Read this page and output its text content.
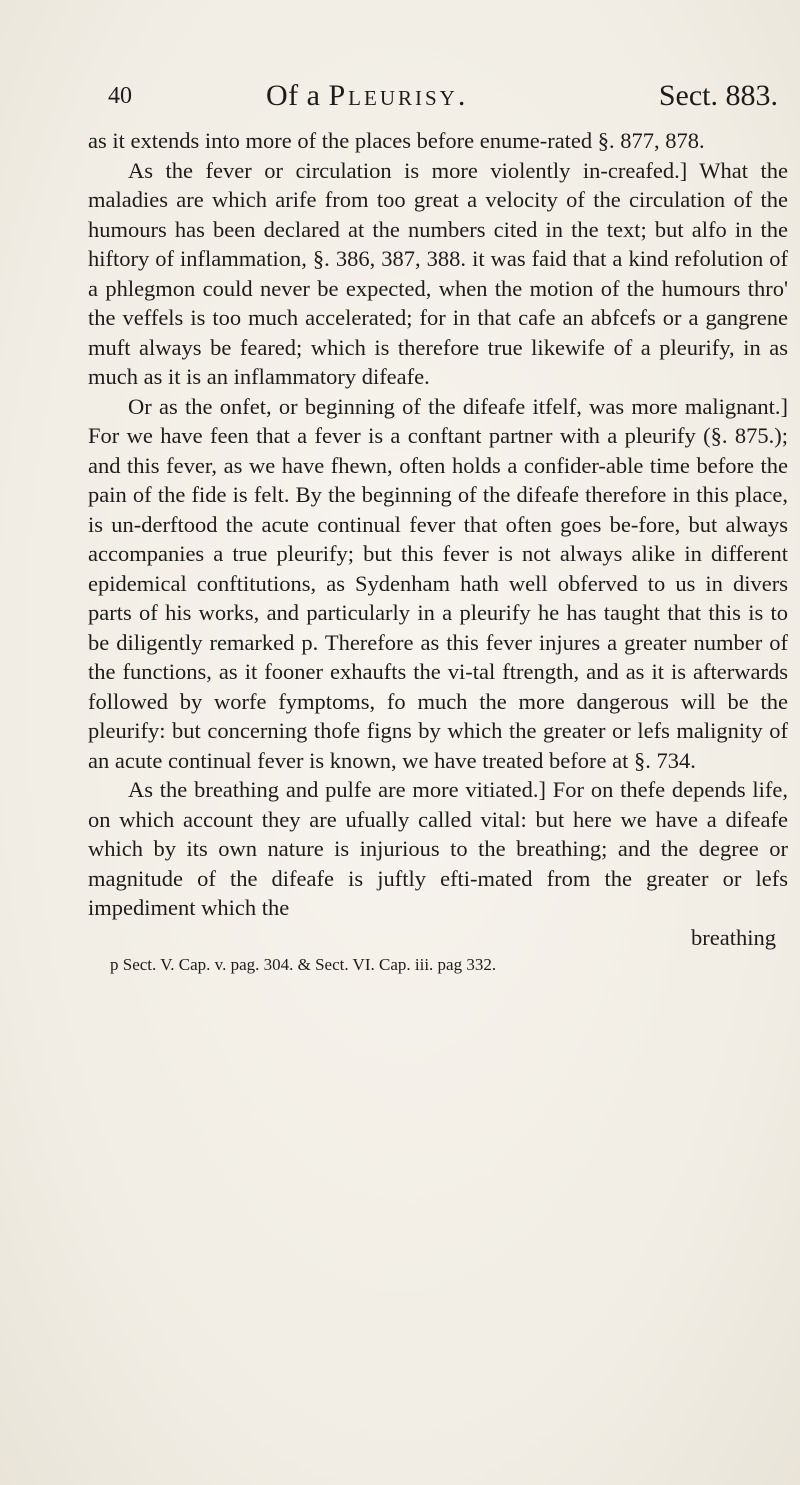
40	Of a Pleurisy.	Sect. 883.

as it extends into more of the places before enume-rated §. 877, 878.

As the fever or circulation is more violently in-creafed.] What the maladies are which arife from too great a velocity of the circulation of the humours has been declared at the numbers cited in the text; but alfo in the hiftory of inflammation, §. 386, 387, 388. it was faid that a kind refolution of a phlegmon could never be expected, when the motion of the humours thro' the veffels is too much accelerated; for in that cafe an abfcefs or a gangrene muft always be feared; which is therefore true likewife of a pleurify, in as much as it is an inflammatory difeafe.

Or as the onfet, or beginning of the difeafe itfelf, was more malignant.] For we have feen that a fever is a conftant partner with a pleurify (§. 875.); and this fever, as we have fhewn, often holds a confider-able time before the pain of the fide is felt. By the beginning of the difeafe therefore in this place, is un-derftood the acute continual fever that often goes be-fore, but always accompanies a true pleurify; but this fever is not always alike in different epidemical conftitutions, as Sydenham hath well obferved to us in divers parts of his works, and particularly in a pleurify he has taught that this is to be diligently remarked p. Therefore as this fever injures a greater number of the functions, as it fooner exhaufts the vi-tal ftrength, and as it is afterwards followed by worfe fymptoms, fo much the more dangerous will be the pleurify: but concerning thofe figns by which the greater or lefs malignity of an acute continual fever is known, we have treated before at §. 734.

As the breathing and pulfe are more vitiated.] For on thefe depends life, on which account they are ufually called vital: but here we have a difeafe which by its own nature is injurious to the breathing; and the degree or magnitude of the difeafe is juftly efti-mated from the greater or lefs impediment which the

breathing

p Sect. V. Cap. v. pag. 304. & Sect. VI. Cap. iii. pag 332.
